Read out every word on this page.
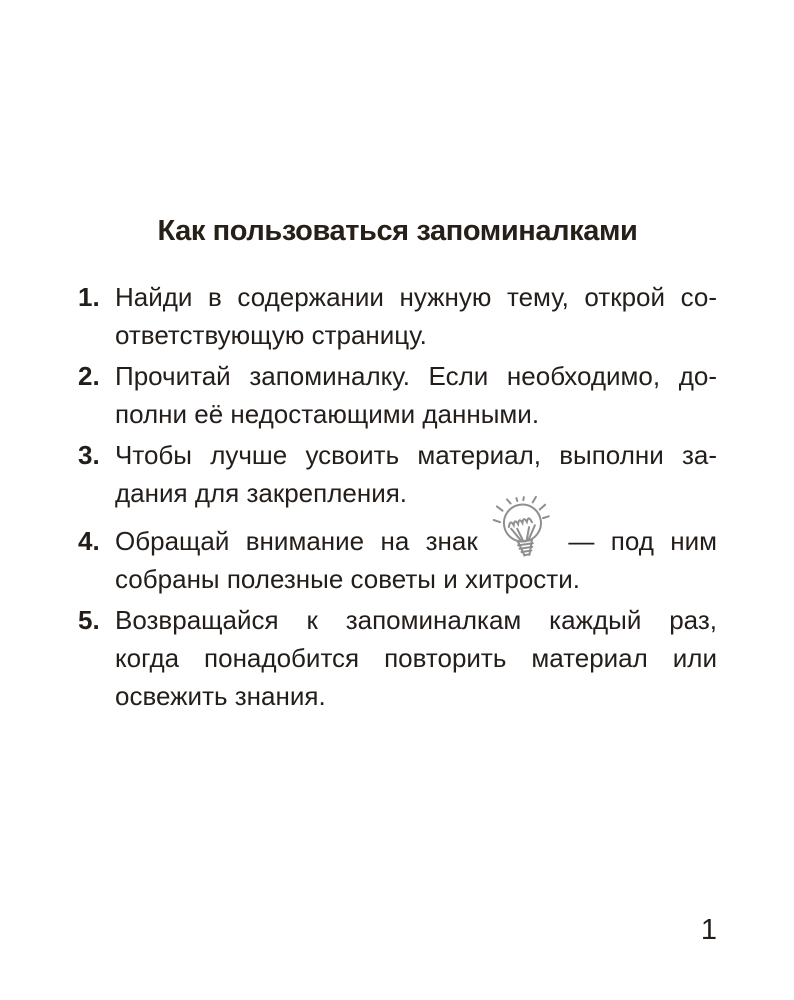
Как пользоваться запоминалками
1. Найди в содержании нужную тему, открой со-
ответствующую страницу.
2. Прочитай запоминалку. Если необходимо, до-
полни её недостающими данными.
3. Чтобы лучше усвоить материал, выполни за-
дания для закрепления.
4. Обращай внимание на знак	— под ним
собраны полезные советы и хитрости.
5. Возвращайся к запоминалкам каждый раз,
когда понадобится повторить материал или
освежить знания.
1
